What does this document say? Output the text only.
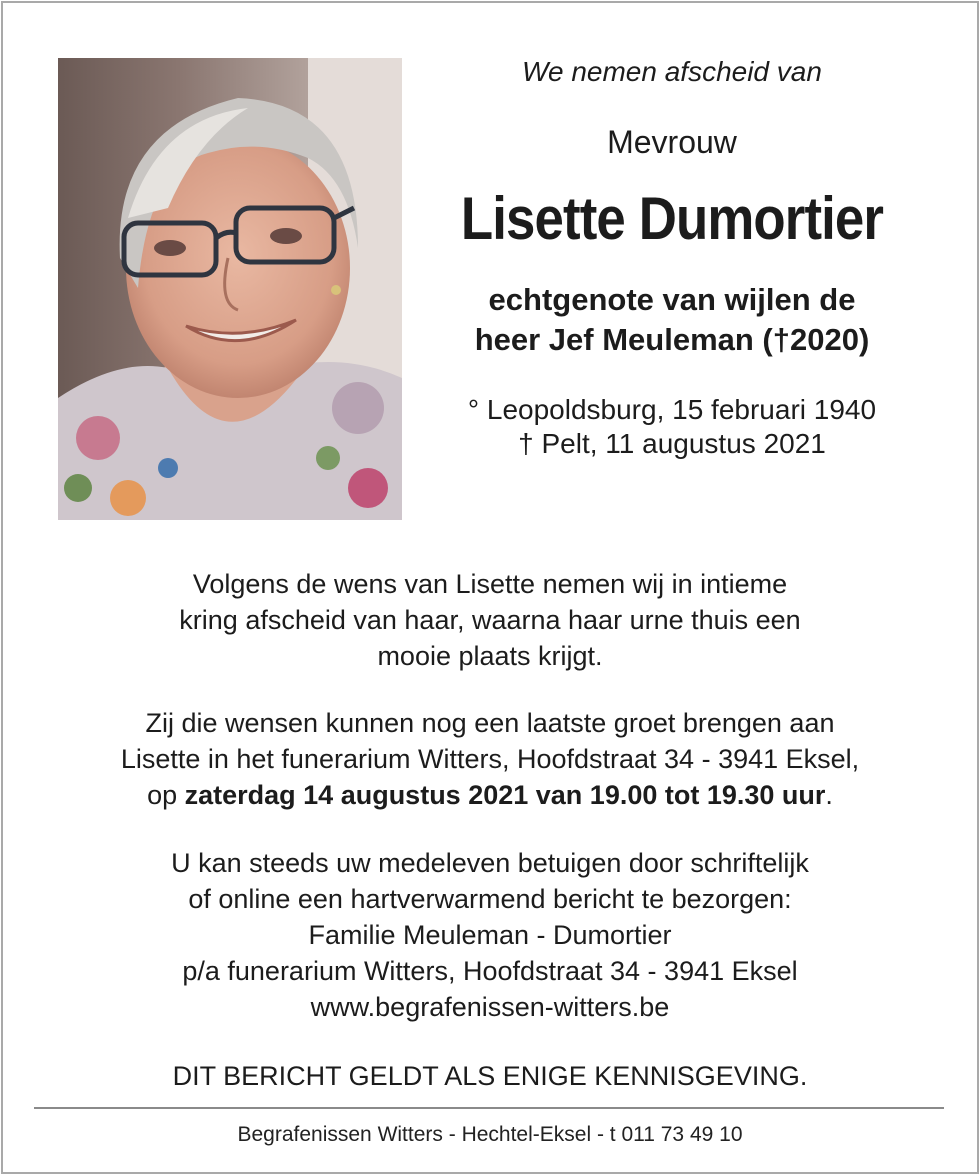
We nemen afscheid van
Mevrouw
Lisette Dumortier
echtgenote van wijlen de
heer Jef Meuleman (†2020)
° Leopoldsburg, 15 februari 1940
† Pelt, 11 augustus 2021
Volgens de wens van Lisette nemen wij in intieme
kring afscheid van haar, waarna haar urne thuis een
mooie plaats krijgt.
Zij die wensen kunnen nog een laatste groet brengen aan
Lisette in het funerarium Witters, Hoofdstraat 34 - 3941 Eksel,
op zaterdag 14 augustus 2021 van 19.00 tot 19.30 uur.
U kan steeds uw medeleven betuigen door schriftelijk
of online een hartverwarmend bericht te bezorgen:
Familie Meuleman - Dumortier
p/a funerarium Witters, Hoofdstraat 34 - 3941 Eksel
www.begrafenissen-witters.be
DIT BERICHT GELDT ALS ENIGE KENNISGEVING.
Begrafenissen Witters - Hechtel-Eksel - t 011 73 49 10
